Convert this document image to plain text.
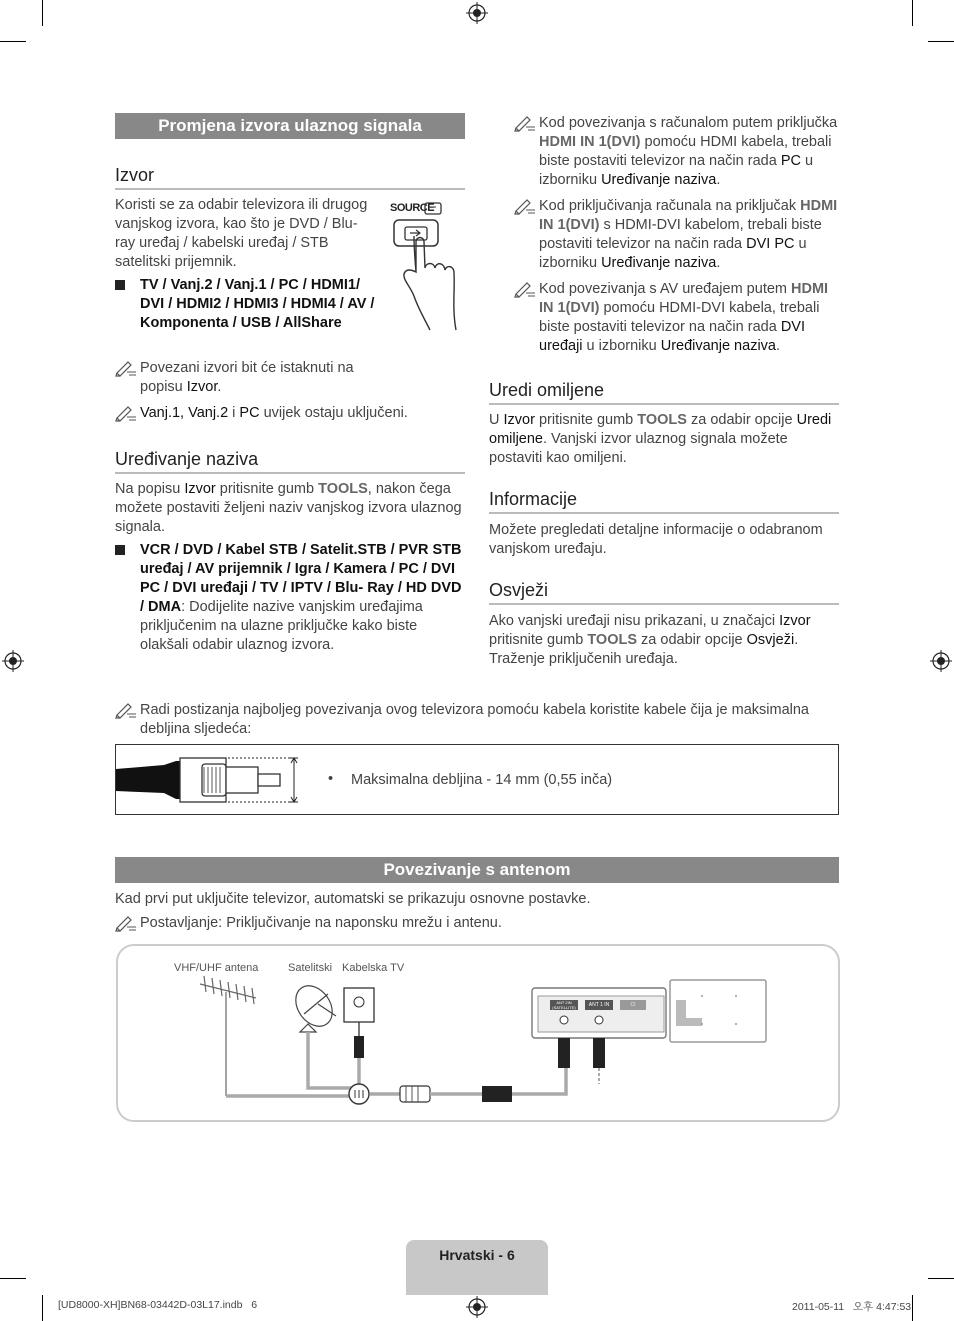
Promjena izvora ulaznog signala
Izvor

Koristi se za odabir televizora ili drugog vanjskog izvora, kao što je DVD / Blu-ray uređaj / kabelski uređaj / STB satelitski prijemnik.

SOURCE
TV / Vanj.2 / Vanj.1 / PC / HDMI1/ DVI / HDMI2 / HDMI3 / HDMI4 / AV / Komponenta / USB / AllShare
Povezani izvori bit će istaknuti na popisu Izvor.
Vanj.1, Vanj.2 i PC uvijek ostaju uključeni.
Uređivanje naziva

Na popisu Izvor pritisnite gumb TOOLS, nakon čega možete postaviti željeni naziv vanjskog izvora ulaznog signala.

VCR / DVD / Kabel STB / Satelit.STB / PVR STB uređaj / AV prijemnik / Igra / Kamera / PC / DVI PC / DVI uređaji / TV / IPTV / Blu- Ray / HD DVD / DMA: Dodijelite nazive vanjskim uređajima priključenim na ulazne priključke kako biste olakšali odabir ulaznog izvora.
Kod povezivanja s računalom putem priključka HDMI IN 1(DVI) pomoću HDMI kabela, trebali biste postaviti televizor na način rada PC u izborniku Uređivanje naziva.
Kod priključivanja računala na priključak HDMI IN 1(DVI) s HDMI-DVI kabelom, trebali biste postaviti televizor na način rada DVI PC u izborniku Uređivanje naziva.
Kod povezivanja s AV uređajem putem HDMI IN 1(DVI) pomoću HDMI-DVI kabela, trebali biste postaviti televizor na način rada DVI uređaji u izborniku Uređivanje naziva.
Uredi omiljene

U Izvor pritisnite gumb TOOLS za odabir opcije Uredi omiljene. Vanjski izvor ulaznog signala možete postaviti kao omiljeni.

Informacije

Možete pregledati detaljne informacije o odabranom vanjskom uređaju.

Osvježi

Ako vanjski uređaji nisu prikazani, u značajci Izvor pritisnite gumb TOOLS za odabir opcije Osvježi. Traženje priključenih uređaja.

Radi postizanja najboljeg povezivanja ovog televizora pomoću kabela koristite kabele čija je maksimalna debljina sljedeća:
• Maksimalna debljina - 14 mm (0,55 inča)
Povezivanje s antenom

Kad prvi put uključite televizor, automatski se prikazuju osnovne postavke.

Postavljanje: Priključivanje na naponsku mrežu i antenu.
VHF/UHF antena	Satelitski Kabelska TV
ANT 2IN (SATELLITE)	ANT 1 IN	CI
Hrvatski - 6
[UD8000-XH]BN68-03442D-03L17.indb   6	2011-05-11   오후 4:47:53
